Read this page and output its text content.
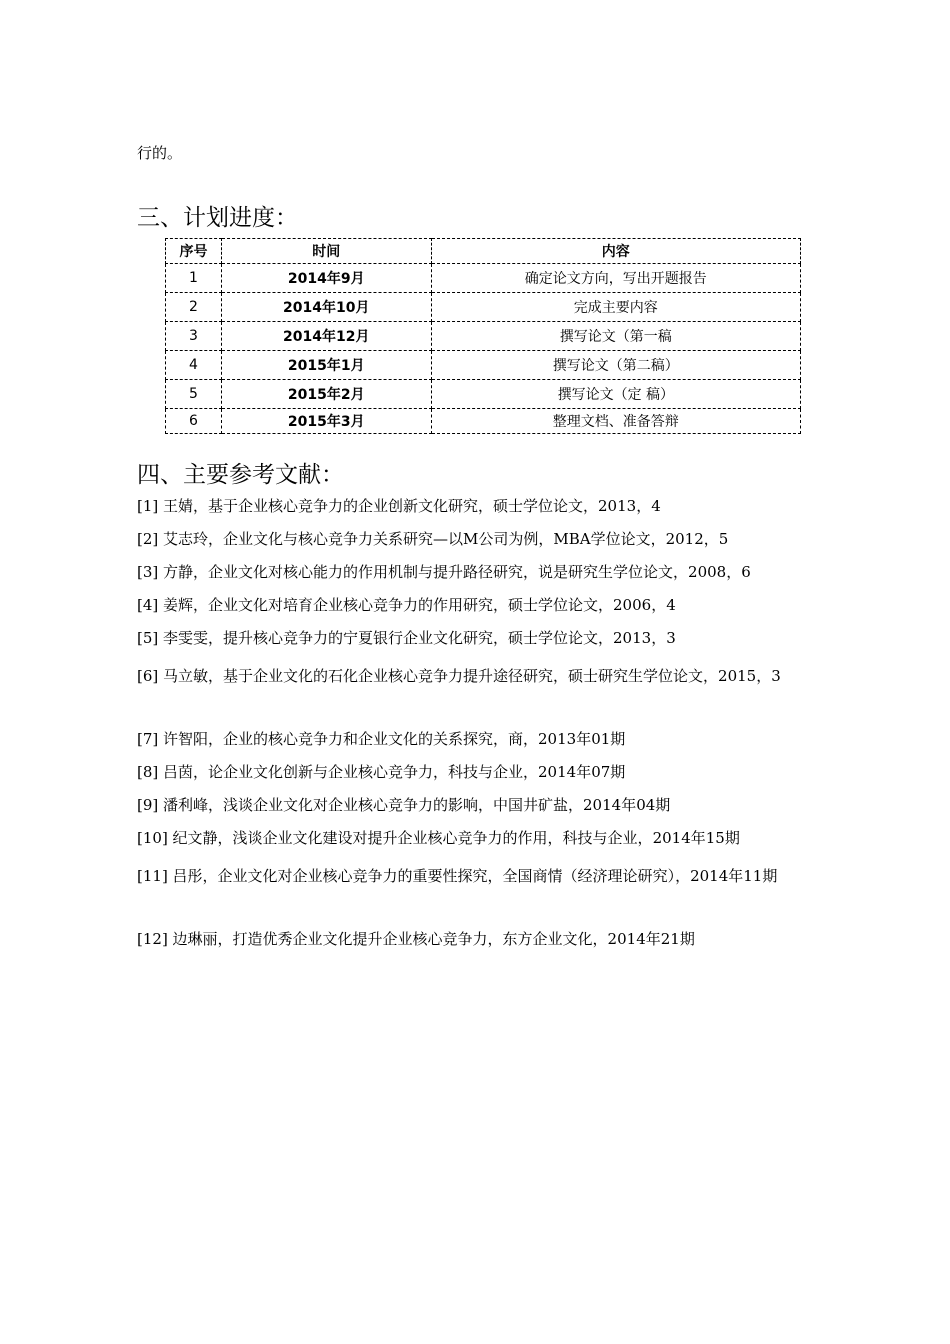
行的。
三、计划进度：
序号	时间	内容
1	2014年9月	确定论文方向，写出开题报告
2	2014年10月	完成主要内容
3	2014年12月	撰写论文（第一稿
4	2015年1月	撰写论文（第二稿）
5	2015年2月	撰写论文（定 稿）
6	2015年3月	整理文档、准备答辩
四、主要参考文献：
[1] 王婧，基于企业核心竞争力的企业创新文化研究，硕士学位论文，2013，4
[2] 艾志玲，企业文化与核心竞争力关系研究—以M公司为例，MBA学位论文，2012，5
[3] 方静，企业文化对核心能力的作用机制与提升路径研究，说是研究生学位论文，2008，6
[4] 姜辉，企业文化对培育企业核心竞争力的作用研究，硕士学位论文，2006，4
[5] 李雯雯，提升核心竞争力的宁夏银行企业文化研究，硕士学位论文，2013，3
[6] 马立敏，基于企业文化的石化企业核心竞争力提升途径研究，硕士研究生学位论文，2015，3
[7] 许智阳，企业的核心竞争力和企业文化的关系探究，商，2013年01期
[8] 吕茵，论企业文化创新与企业核心竞争力，科技与企业，2014年07期
[9] 潘利峰，浅谈企业文化对企业核心竞争力的影响，中国井矿盐，2014年04期
[10] 纪文静，浅谈企业文化建设对提升企业核心竞争力的作用，科技与企业，2014年15期
[11] 吕彤，企业文化对企业核心竞争力的重要性探究，全国商情（经济理论研究），2014年11期
[12] 边琳丽，打造优秀企业文化提升企业核心竞争力，东方企业文化，2014年21期
